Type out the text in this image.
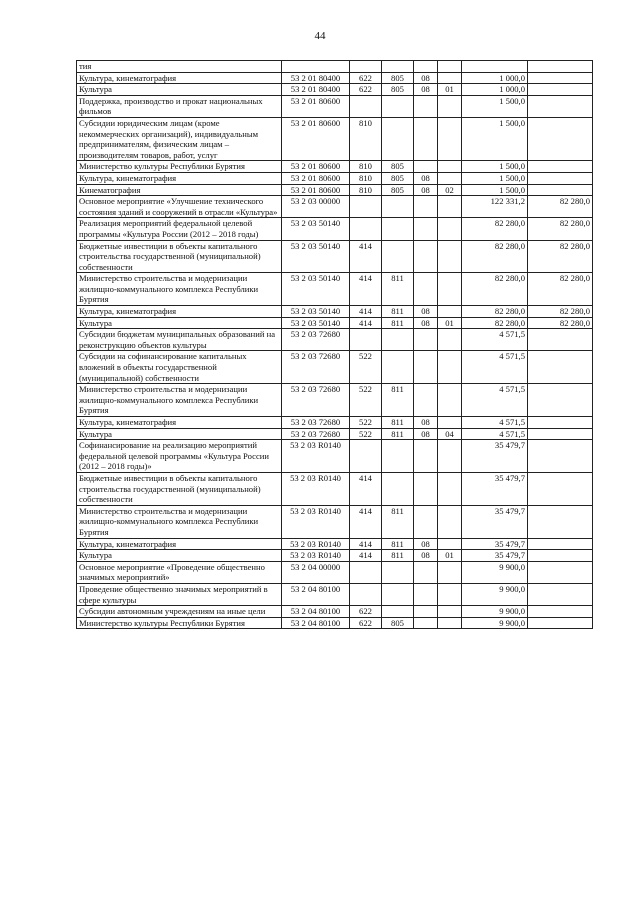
44
тия							
Культура, кинематография	53 2 01 80400	622	805	08		1 000,0	
Культура	53 2 01 80400	622	805	08	01	1 000,0	
Поддержка, производство и прокат национальных фильмов	53 2 01 80600					1 500,0	
Субсидии юридическим лицам (кроме некоммерческих организаций), индивидуальным предпринимателям, физическим лицам – производителям товаров, работ, услуг	53 2 01 80600	810				1 500,0	
Министерство культуры Республики Бурятия	53 2 01 80600	810	805			1 500,0	
Культура, кинематография	53 2 01 80600	810	805	08		1 500,0	
Кинематография	53 2 01 80600	810	805	08	02	1 500,0	
Основное мероприятие «Улучшение технического состояния зданий и сооружений в отрасли «Культура»	53 2 03 00000					122 331,2	82 280,0
Реализация мероприятий федеральной целевой программы «Культура России (2012 – 2018 годы)	53 2 03 50140					82 280,0	82 280,0
Бюджетные инвестиции в объекты капитального строительства государственной (муниципальной) собственности	53 2 03 50140	414				82 280,0	82 280,0
Министерство строительства и модернизации жилищно-коммунального комплекса Республики Бурятия	53 2 03 50140	414	811			82 280,0	82 280,0
Культура, кинематография	53 2 03 50140	414	811	08		82 280,0	82 280,0
Культура	53 2 03 50140	414	811	08	01	82 280,0	82 280,0
Субсидии бюджетам муниципальных образований на реконструкцию объектов культуры	53 2 03 72680					4 571,5	
Субсидии на софинансирование капитальных вложений в объекты государственной (муниципальной) собственности	53 2 03 72680	522				4 571,5	
Министерство строительства и модернизации жилищно-коммунального комплекса Республики Бурятия	53 2 03 72680	522	811			4 571,5	
Культура, кинематография	53 2 03 72680	522	811	08		4 571,5	
Культура	53 2 03 72680	522	811	08	04	4 571,5	
Софинансирование на реализацию мероприятий федеральной целевой программы «Культура России (2012 – 2018 годы)»	53 2 03 R0140					35 479,7	
Бюджетные инвестиции в объекты капитального строительства государственной (муниципальной) собственности	53 2 03 R0140	414				35 479,7	
Министерство строительства и модернизации жилищно-коммунального комплекса Республики Бурятия	53 2 03 R0140	414	811			35 479,7	
Культура, кинематография	53 2 03 R0140	414	811	08		35 479,7	
Культура	53 2 03 R0140	414	811	08	01	35 479,7	
Основное мероприятие «Проведение общественно значимых мероприятий»	53 2 04 00000					9 900,0	
Проведение общественно значимых мероприятий в сфере культуры	53 2 04 80100					9 900,0	
Субсидии автономным учреждениям на иные цели	53 2 04 80100	622				9 900,0	
Министерство культуры Республики Бурятия	53 2 04 80100	622	805			9 900,0	
